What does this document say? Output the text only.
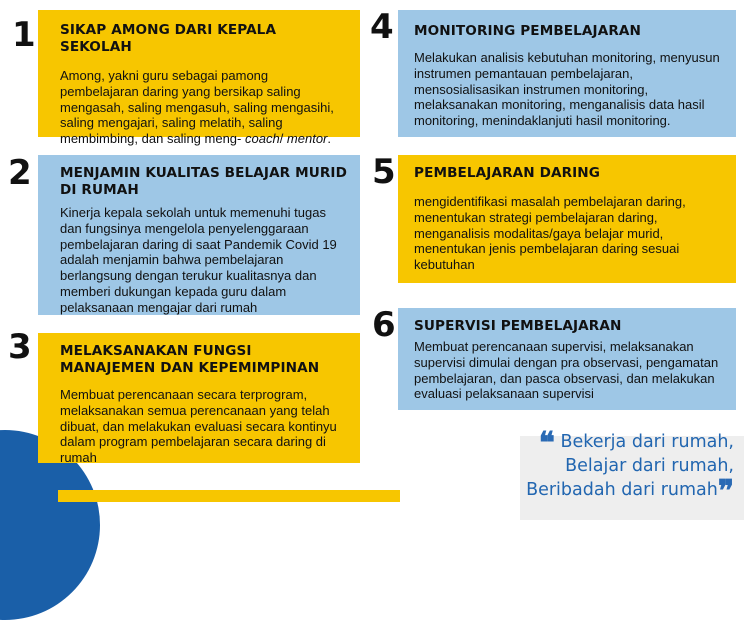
1
2
3
4
5
6
SIKAP AMONG DARI KEPALA SEKOLAH

Among, yakni guru sebagai pamong pembelajaran daring yang bersikap saling mengasah, saling mengasuh, saling mengasihi, saling mengajari, saling melatih, saling membimbing, dan saling meng- coach/ mentor.

MENJAMIN KUALITAS BELAJAR MURID DI RUMAH

Kinerja kepala sekolah untuk memenuhi tugas dan fungsinya mengelola penyelenggaraan pembelajaran daring di saat Pandemik Covid 19 adalah menjamin bahwa pembelajaran berlangsung dengan terukur kualitasnya dan memberi dukungan kepada guru dalam pelaksanaan mengajar dari rumah

MELAKSANAKAN FUNGSI MANAJEMEN DAN KEPEMIMPINAN

Membuat perencanaan secara terprogram, melaksanakan semua perencanaan yang telah dibuat, dan melakukan evaluasi secara kontinyu dalam program pembelajaran secara daring di rumah

MONITORING PEMBELAJARAN

Melakukan analisis kebutuhan monitoring, menyusun instrumen pemantauan pembelajaran, mensosialisasikan instrumen monitoring, melaksanakan monitoring, menganalisis data hasil monitoring, menindaklanjuti hasil monitoring.

PEMBELAJARAN DARING

mengidentifikasi masalah pembelajaran daring, menentukan strategi pembelajaran daring, menganalisis modalitas/gaya belajar murid, menentukan jenis pembelajaran daring sesuai kebutuhan

SUPERVISI PEMBELAJARAN

Membuat perencanaan supervisi, melaksanakan supervisi dimulai dengan pra observasi, pengamatan pembelajaran, dan pasca observasi, dan melakukan evaluasi pelaksanaan supervisi

❝ Bekerja dari rumah,
Belajar dari rumah,
Beribadah dari rumah❞
